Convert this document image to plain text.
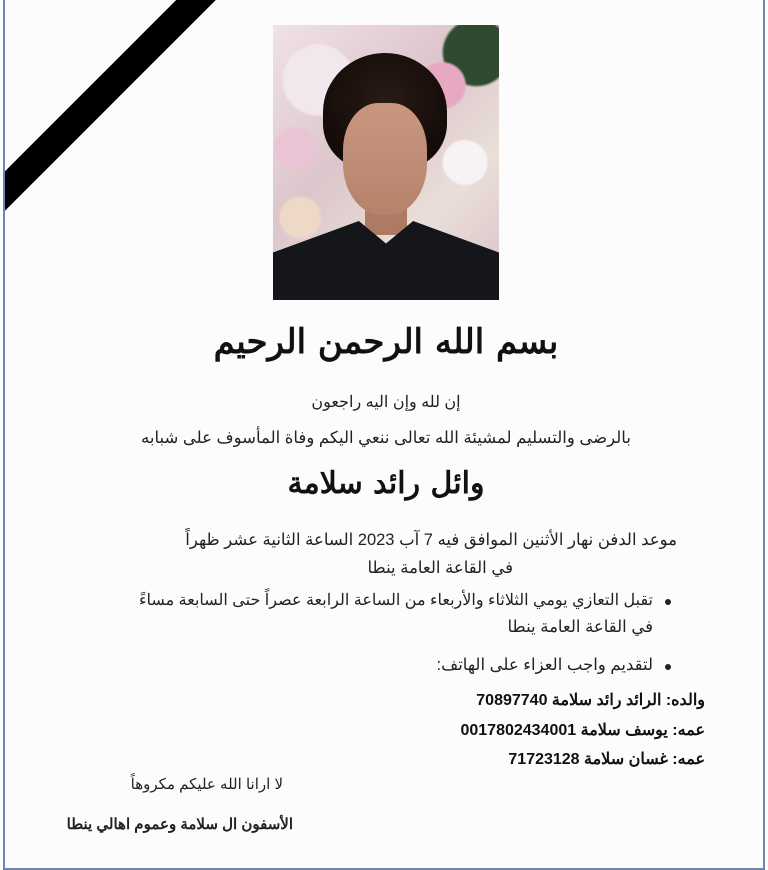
بسم الله الرحمن الرحيم
إن لله وإن اليه راجعون
بالرضى والتسليم لمشيئة الله تعالى ننعي اليكم وفاة المأسوف على شبابه
وائل رائد سلامة
موعد الدفن نهار الأثنين الموافق فيه 7 آب 2023 الساعة الثانية عشر ظهراً
في القاعة العامة ينطا
تقبل التعازي يومي الثلاثاء والأربعاء من الساعة الرابعة عصراً حتى السابعة مساءً
في القاعة العامة ينطا
لتقديم واجب العزاء على الهاتف:
والده: الرائد رائد سلامة 70897740
عمه: يوسف سلامة 0017802434001
عمه: غسان سلامة 71723128
لا ارانا الله عليكم مكروهاً
الأسفون ال سلامة وعموم اهالي ينطا
